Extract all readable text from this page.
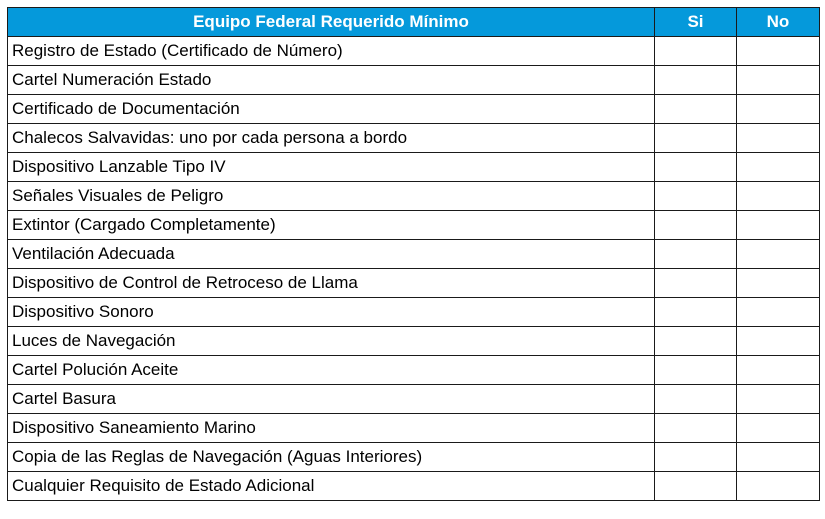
Equipo Federal Requerido Mínimo	Si	No
Registro de Estado (Certificado de Número)		
Cartel Numeración Estado		
Certificado de Documentación		
Chalecos Salvavidas: uno por cada persona a bordo		
Dispositivo Lanzable Tipo IV		
Señales Visuales de Peligro		
Extintor (Cargado Completamente)		
Ventilación Adecuada		
Dispositivo de Control de Retroceso de Llama		
Dispositivo Sonoro		
Luces de Navegación		
Cartel Polución Aceite		
Cartel Basura		
Dispositivo Saneamiento Marino		
Copia de las Reglas de Navegación (Aguas Interiores)		
Cualquier Requisito de Estado Adicional		
